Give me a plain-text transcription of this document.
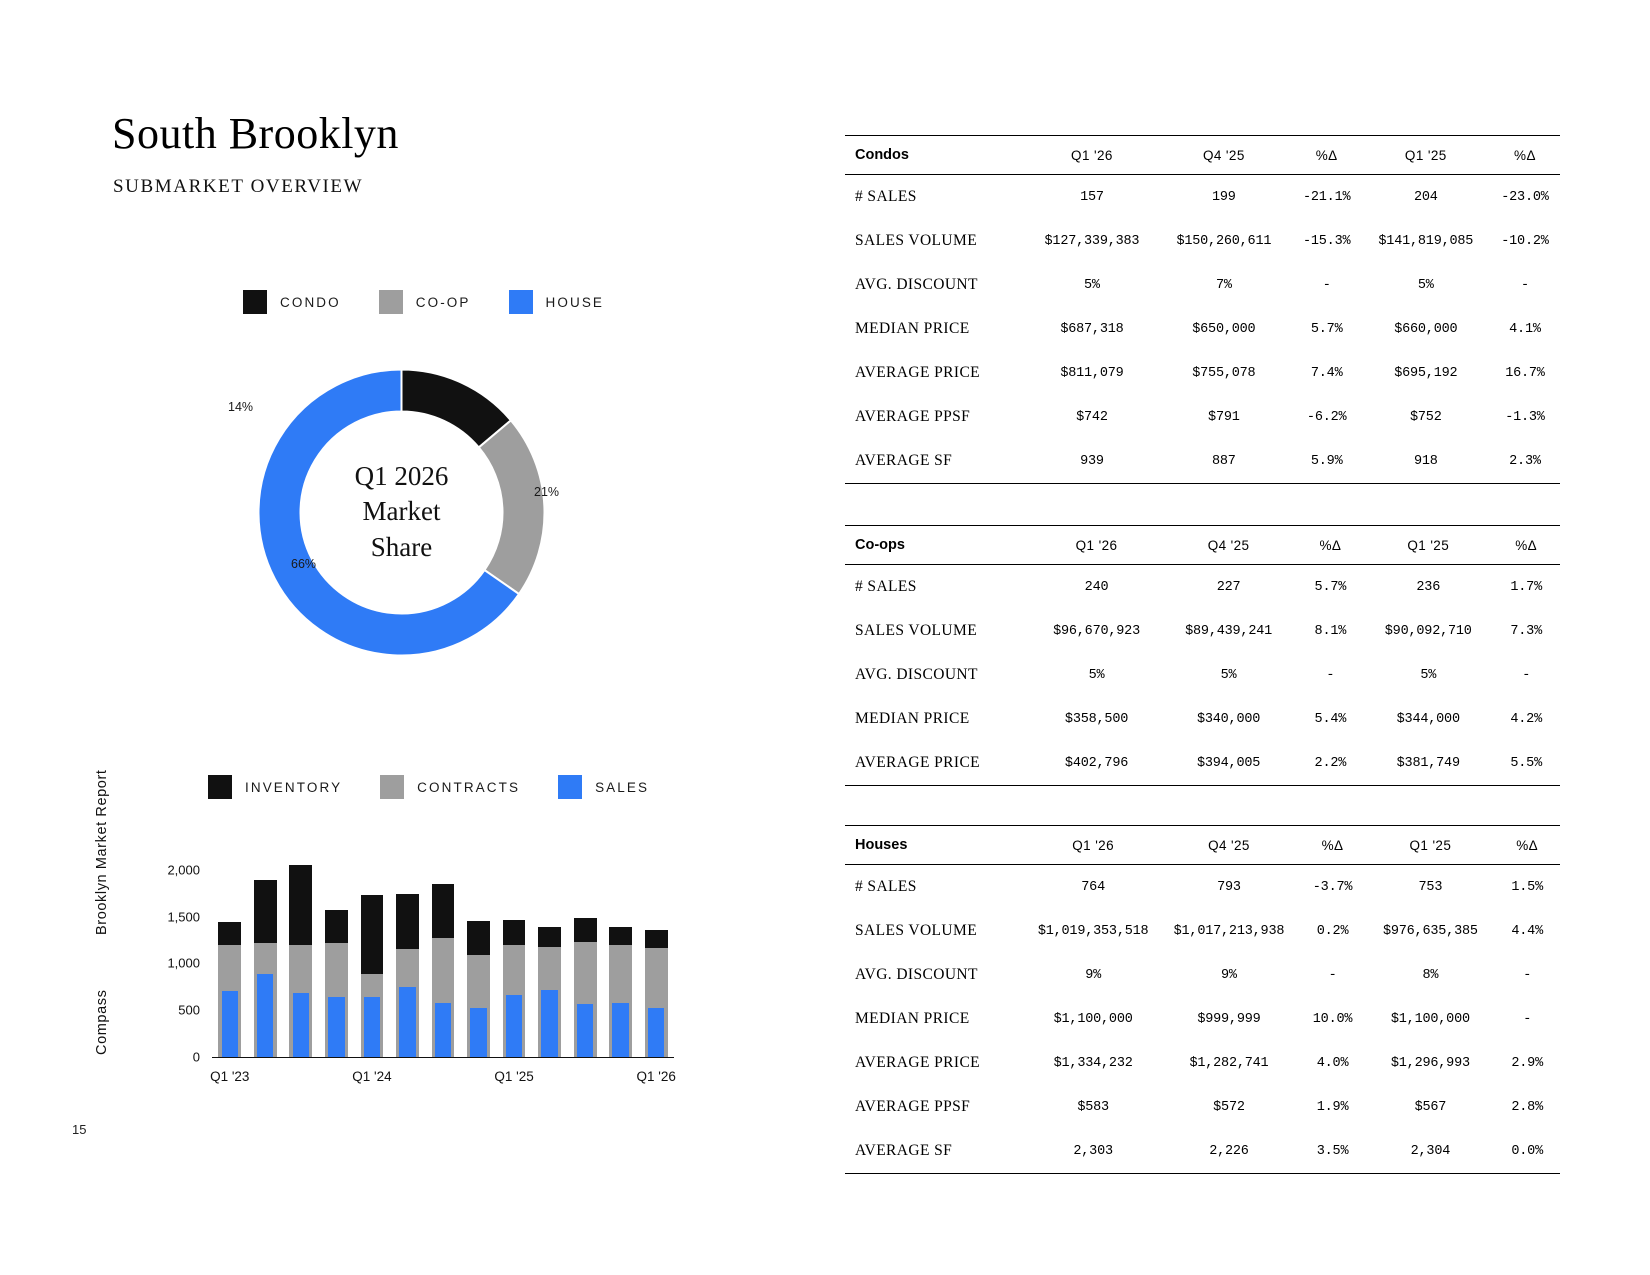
South Brooklyn
SUBMARKET OVERVIEW
Brooklyn Market Report
Compass
15
CONDO	CO-OP	HOUSE
Q1 2026
Market
Share
14%
21%
66%
INVENTORY	CONTRACTS	SALES
0
500
1,000
1,500
2,000
Q1 '23	Q1 '24	Q1 '25	Q1 '26
Condos	Q1 '26	Q4 '25	%Δ	Q1 '25	%Δ
# SALES	157	199	-21.1%	204	-23.0%
SALES VOLUME	$127,339,383	$150,260,611	-15.3%	$141,819,085	-10.2%
AVG. DISCOUNT	5%	7%	-	5%	-
MEDIAN PRICE	$687,318	$650,000	5.7%	$660,000	4.1%
AVERAGE PRICE	$811,079	$755,078	7.4%	$695,192	16.7%
AVERAGE PPSF	$742	$791	-6.2%	$752	-1.3%
AVERAGE SF	939	887	5.9%	918	2.3%
Co-ops	Q1 '26	Q4 '25	%Δ	Q1 '25	%Δ
# SALES	240	227	5.7%	236	1.7%
SALES VOLUME	$96,670,923	$89,439,241	8.1%	$90,092,710	7.3%
AVG. DISCOUNT	5%	5%	-	5%	-
MEDIAN PRICE	$358,500	$340,000	5.4%	$344,000	4.2%
AVERAGE PRICE	$402,796	$394,005	2.2%	$381,749	5.5%
Houses	Q1 '26	Q4 '25	%Δ	Q1 '25	%Δ
# SALES	764	793	-3.7%	753	1.5%
SALES VOLUME	$1,019,353,518	$1,017,213,938	0.2%	$976,635,385	4.4%
AVG. DISCOUNT	9%	9%	-	8%	-
MEDIAN PRICE	$1,100,000	$999,999	10.0%	$1,100,000	-
AVERAGE PRICE	$1,334,232	$1,282,741	4.0%	$1,296,993	2.9%
AVERAGE PPSF	$583	$572	1.9%	$567	2.8%
AVERAGE SF	2,303	2,226	3.5%	2,304	0.0%
